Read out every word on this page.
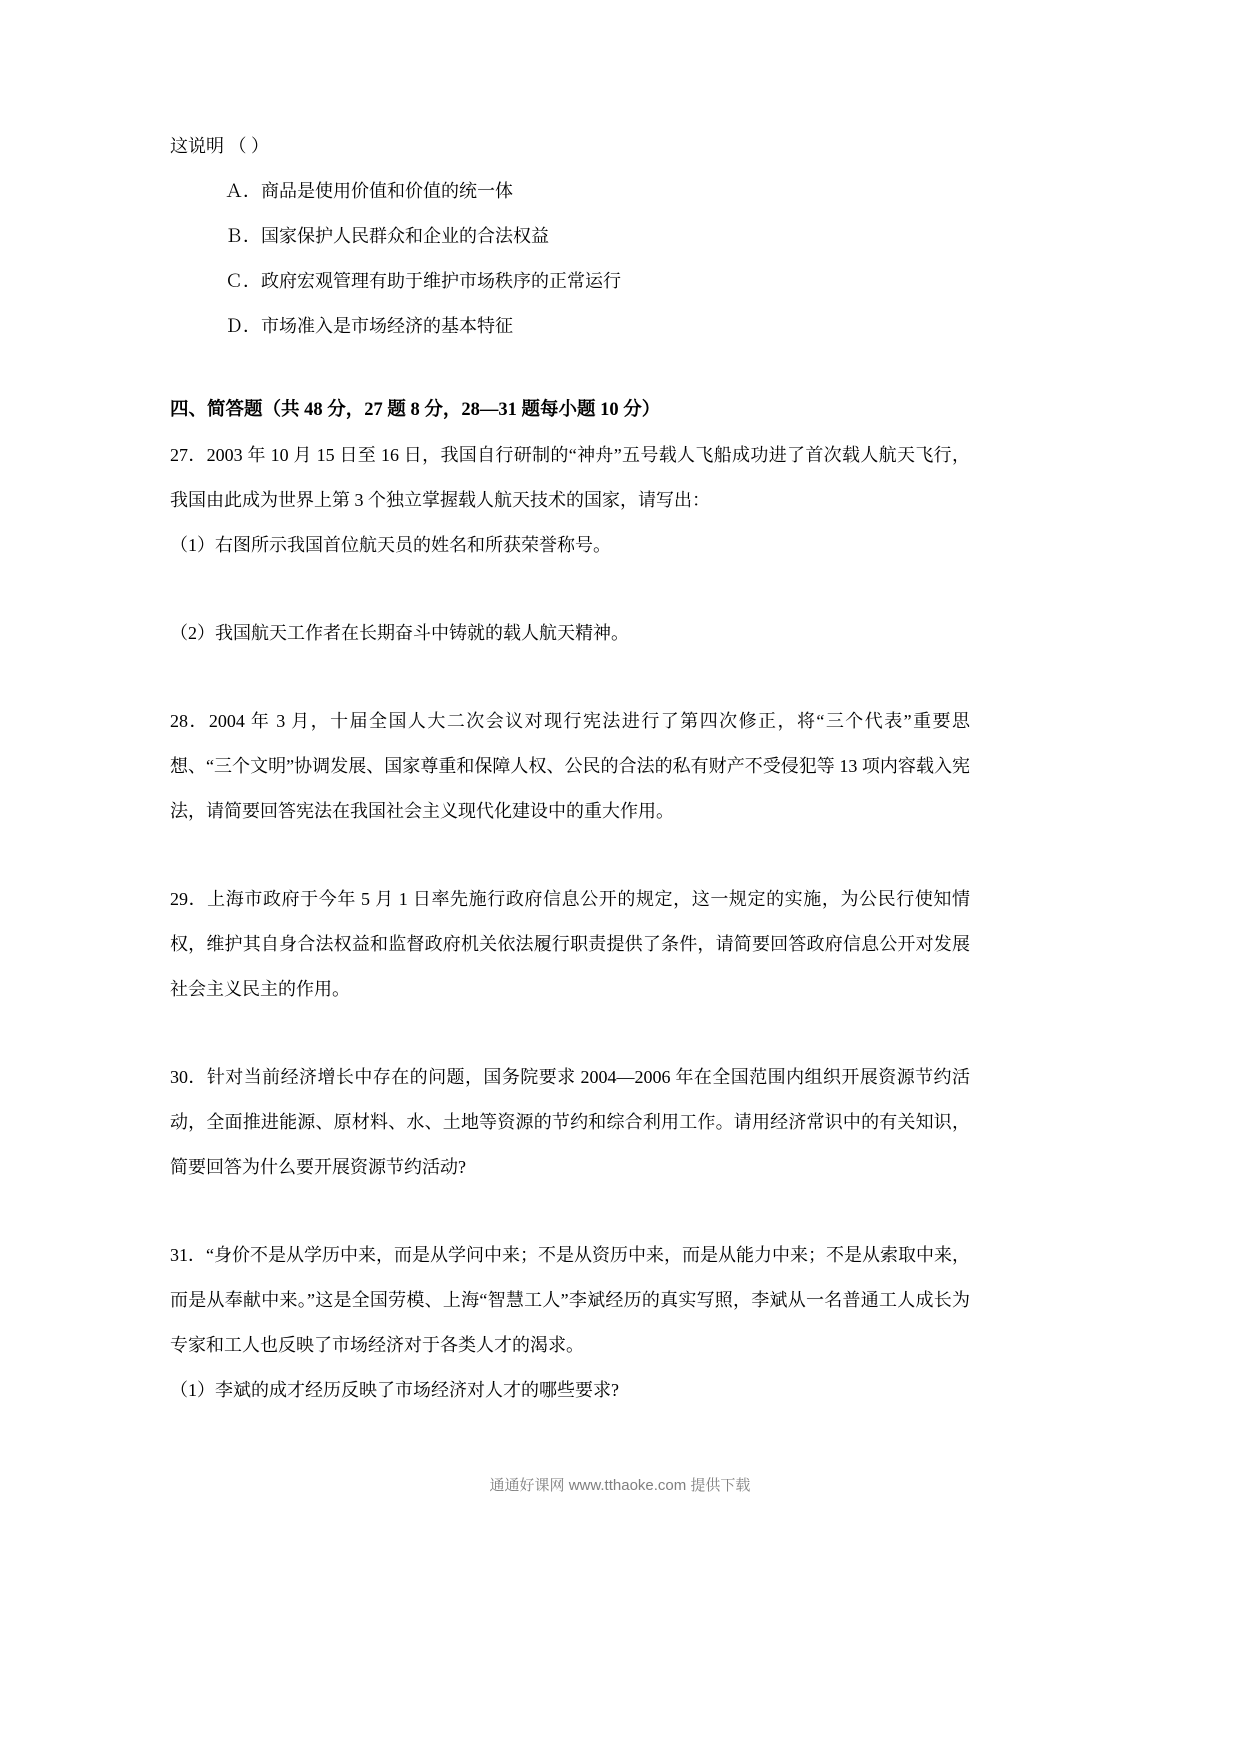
这说明 （ ）

Ａ．商品是使用价值和价值的统一体

Ｂ．国家保护人民群众和企业的合法权益

Ｃ．政府宏观管理有助于维护市场秩序的正常运行

Ｄ．市场准入是市场经济的基本特征

四、简答题（共 48 分，27 题 8 分，28—31 题每小题 10 分）

27．2003 年 10 月 15 日至 16 日，我国自行研制的“神舟”五号载人飞船成功进了首次载人航天飞行，我国由此成为世界上第 3 个独立掌握载人航天技术的国家，请写出：

（1）右图所示我国首位航天员的姓名和所获荣誉称号。

（2）我国航天工作者在长期奋斗中铸就的载人航天精神。

28．2004 年 3 月，十届全国人大二次会议对现行宪法进行了第四次修正，将“三个代表”重要思想、“三个文明”协调发展、国家尊重和保障人权、公民的合法的私有财产不受侵犯等 13 项内容载入宪法，请简要回答宪法在我国社会主义现代化建设中的重大作用。

29．上海市政府于今年 5 月 1 日率先施行政府信息公开的规定，这一规定的实施，为公民行使知情权，维护其自身合法权益和监督政府机关依法履行职责提供了条件，请简要回答政府信息公开对发展社会主义民主的作用。

30．针对当前经济增长中存在的问题，国务院要求 2004—2006 年在全国范围内组织开展资源节约活动，全面推进能源、原材料、水、土地等资源的节约和综合利用工作。请用经济常识中的有关知识，简要回答为什么要开展资源节约活动?

31．“身价不是从学历中来，而是从学问中来；不是从资历中来，而是从能力中来；不是从索取中来，而是从奉献中来。”这是全国劳模、上海“智慧工人”李斌经历的真实写照，李斌从一名普通工人成长为专家和工人也反映了市场经济对于各类人才的渴求。

（1）李斌的成才经历反映了市场经济对人才的哪些要求?

通通好课网 www.tthaoke.com 提供下载
